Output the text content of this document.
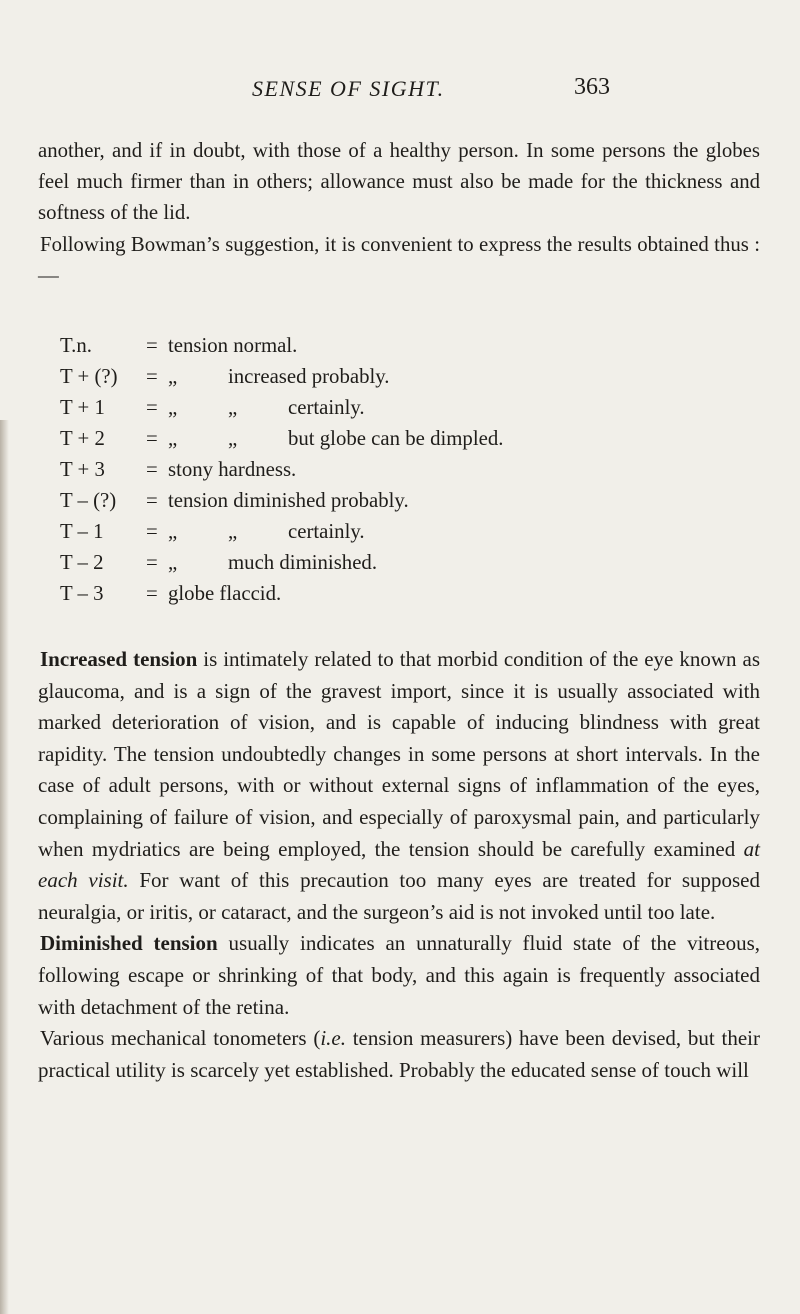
SENSE OF SIGHT.	363

another, and if in doubt, with those of a healthy person. In some persons the globes feel much firmer than in others; allowance must also be made for the thickness and softness of the lid.

Following Bowman’s suggestion, it is convenient to express the results obtained thus :—

T.n.	= tension normal.
T + (?)	= „ increased probably.
T + 1	= „ „ certainly.
T + 2	= „ „ but globe can be dimpled.
T + 3	= stony hardness.
T – (?)	= tension diminished probably.
T – 1	= „ „ certainly.
T – 2	= „ much diminished.
T – 3	= globe flaccid.

Increased tension is intimately related to that morbid condition of the eye known as glaucoma, and is a sign of the gravest import, since it is usually associated with marked deterioration of vision, and is capable of inducing blindness with great rapidity. The tension undoubtedly changes in some persons at short intervals. In the case of adult persons, with or without external signs of inflammation of the eyes, complaining of failure of vision, and especially of paroxysmal pain, and particularly when mydriatics are being employed, the tension should be carefully examined at each visit. For want of this precaution too many eyes are treated for supposed neuralgia, or iritis, or cataract, and the surgeon’s aid is not invoked until too late.

Diminished tension usually indicates an unnaturally fluid state of the vitreous, following escape or shrinking of that body, and this again is frequently associated with detachment of the retina.

Various mechanical tonometers (i.e. tension measurers) have been devised, but their practical utility is scarcely yet established. Probably the educated sense of touch will
